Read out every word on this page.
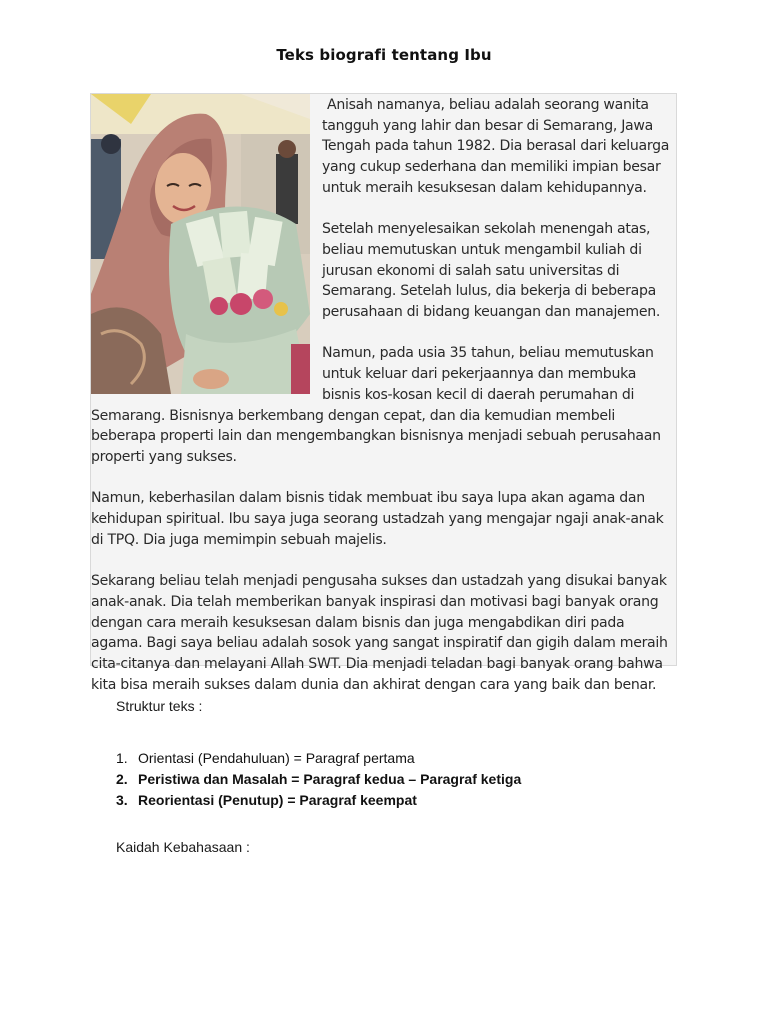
Teks biografi tentang Ibu

Anisah namanya, beliau adalah seorang wanita tangguh yang lahir dan besar di Semarang, Jawa Tengah pada tahun 1982. Dia berasal dari keluarga yang cukup sederhana dan memiliki impian besar untuk meraih kesuksesan dalam kehidupannya.

Setelah menyelesaikan sekolah menengah atas, beliau memutuskan untuk mengambil kuliah di jurusan ekonomi di salah satu universitas di Semarang. Setelah lulus, dia bekerja di beberapa perusahaan di bidang keuangan dan manajemen.

Namun, pada usia 35 tahun, beliau memutuskan untuk keluar dari pekerjaannya dan membuka bisnis kos-kosan kecil di daerah perumahan di Semarang. Bisnisnya berkembang dengan cepat, dan dia kemudian membeli beberapa properti lain dan mengembangkan bisnisnya menjadi sebuah perusahaan properti yang sukses.

Namun, keberhasilan dalam bisnis tidak membuat ibu saya lupa akan agama dan kehidupan spiritual. Ibu saya juga seorang ustadzah yang mengajar ngaji anak-anak di TPQ. Dia juga memimpin sebuah majelis.

Sekarang beliau telah menjadi pengusaha sukses dan ustadzah yang disukai banyak anak-anak. Dia telah memberikan banyak inspirasi dan motivasi bagi banyak orang dengan cara meraih kesuksesan dalam bisnis dan juga mengabdikan diri pada agama. Bagi saya beliau adalah sosok yang sangat inspiratif dan gigih dalam meraih cita-citanya dan melayani Allah SWT. Dia menjadi teladan bagi banyak orang bahwa kita bisa meraih sukses dalam dunia dan akhirat dengan cara yang baik dan benar.

Struktur teks :
1. Orientasi (Pendahuluan) = Paragraf pertama
2. Peristiwa dan Masalah = Paragraf kedua – Paragraf ketiga
3. Reorientasi (Penutup) = Paragraf keempat
Kaidah Kebahasaan :
